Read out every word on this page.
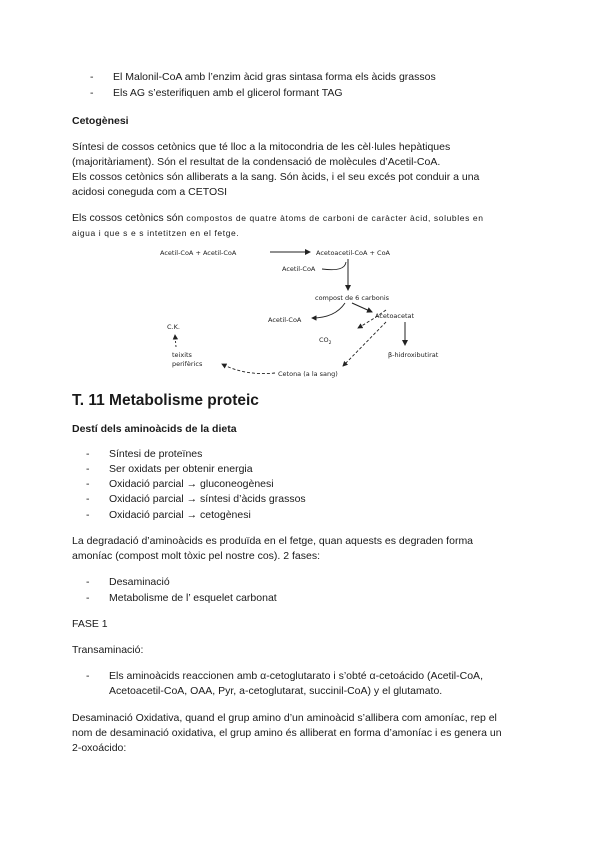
- El Malonil-CoA amb l’enzim àcid gras sintasa forma els àcids grassos
- Els AG s’esterifiquen amb el glicerol formant TAG
Cetogènesi
Síntesi de cossos cetònics que té lloc a la mitocondria de les cèl·lules hepàtiques
(majoritàriament). Són el resultat de la condensació de molècules d’Acetil-CoA.
Els cossos cetònics són alliberats a la sang. Són àcids, i el seu excés pot conduir a una
acidosi coneguda com a CETOSI
Els cossos cetònics són compostos de quatre àtoms de carboni de caràcter àcid, solubles en
aigua i que s e s intetitzen en el fetge.
Acetil-CoA + Acetil-CoA	Acetoacetil-CoA + CoA
Acetil-CoA
compost de 6 carbonis
Acetil-CoA	Acetoacetat
$CO_2$
β-hidroxibutirat
C.K.
teixits
perifèrics
Cetona (a la sang)
T. 11 Metabolisme proteic
Destí dels aminoàcids de la dieta
- Síntesi de proteïnes
- Ser oxidats per obtenir energia
- Oxidació parcial → gluconeogènesi
- Oxidació parcial → síntesi d’àcids grassos
- Oxidació parcial → cetogènesi
La degradació d’aminoàcids es produïda en el fetge, quan aquests es degraden forma
amoníac (compost molt tòxic pel nostre cos). 2 fases:
- Desaminació
- Metabolisme de l’ esquelet carbonat
FASE 1
Transaminació:
- Els aminoàcids reaccionen amb α-cetoglutarato i s’obté α-cetoácido (Acetil-CoA,
Acetoacetil-CoA, OAA, Pyr, a-cetoglutarat, succinil-CoA) y el glutamato.
Desaminació Oxidativa, quand el grup amino d’un aminoàcid s’allibera com amoníac, rep el
nom de desaminació oxidativa, el grup amino és alliberat en forma d’amoníac i es genera un
2-oxoácido:
